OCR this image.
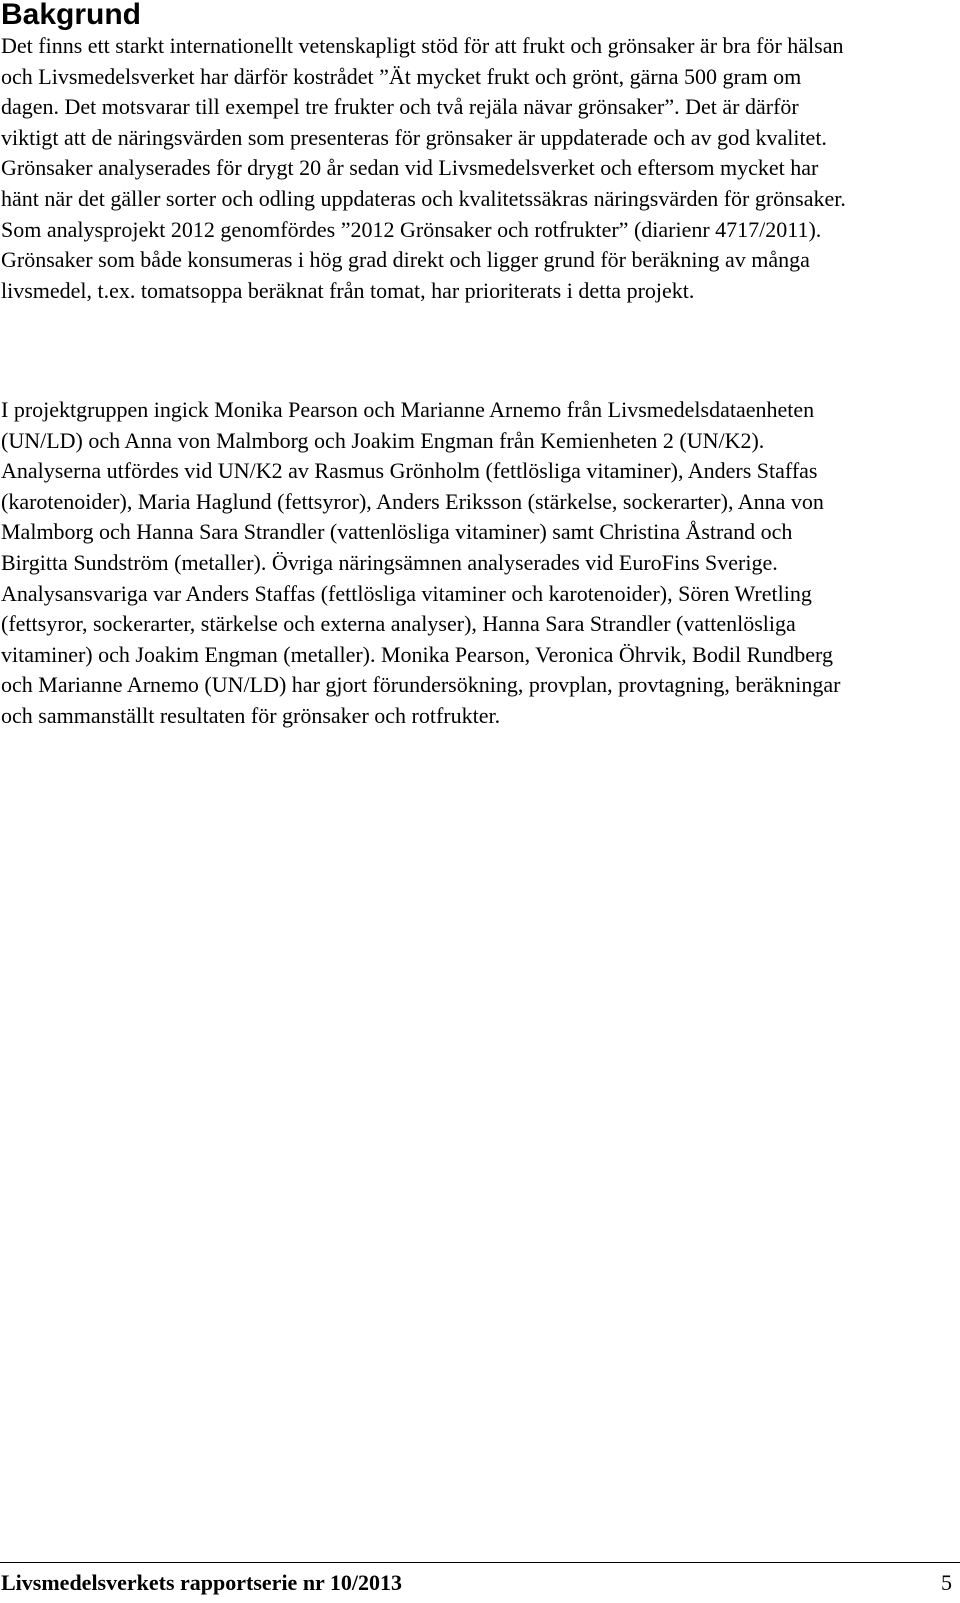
Bakgrund

Det finns ett starkt internationellt vetenskapligt stöd för att frukt och grönsaker är bra för hälsan och Livsmedelsverket har därför kostrådet ”Ät mycket frukt och grönt, gärna 500 gram om dagen. Det motsvarar till exempel tre frukter och två rejäla nävar grönsaker”. Det är därför viktigt att de näringsvärden som presenteras för grönsaker är uppdaterade och av god kvalitet. Grönsaker analyserades för drygt 20 år sedan vid Livsmedelsverket och eftersom mycket har hänt när det gäller sorter och odling uppdateras och kvalitetssäkras näringsvärden för grönsaker. Som analysprojekt 2012 genomfördes ”2012 Grönsaker och rotfrukter” (diarienr 4717/2011). Grönsaker som både konsumeras i hög grad direkt och ligger grund för beräkning av många livsmedel, t.ex. tomatsoppa beräknat från tomat, har prioriterats i detta projekt.

I projektgruppen ingick Monika Pearson och Marianne Arnemo från Livsmedelsdataenheten (UN/LD) och Anna von Malmborg och Joakim Engman från Kemienheten 2 (UN/K2). Analyserna utfördes vid UN/K2 av Rasmus Grönholm (fettlösliga vitaminer), Anders Staffas (karotenoider), Maria Haglund (fettsyror), Anders Eriksson (stärkelse, sockerarter), Anna von Malmborg och Hanna Sara Strandler (vattenlösliga vitaminer) samt Christina Åstrand och Birgitta Sundström (metaller). Övriga näringsämnen analyserades vid EuroFins Sverige. Analysansvariga var Anders Staffas (fettlösliga vitaminer och karotenoider), Sören Wretling (fettsyror, sockerarter, stärkelse och externa analyser), Hanna Sara Strandler (vattenlösliga vitaminer) och Joakim Engman (metaller). Monika Pearson, Veronica Öhrvik, Bodil Rundberg och Marianne Arnemo (UN/LD) har gjort förundersökning, provplan, provtagning, beräkningar och sammanställt resultaten för grönsaker och rotfrukter.

Livsmedelsverkets rapportserie nr 10/2013	5
